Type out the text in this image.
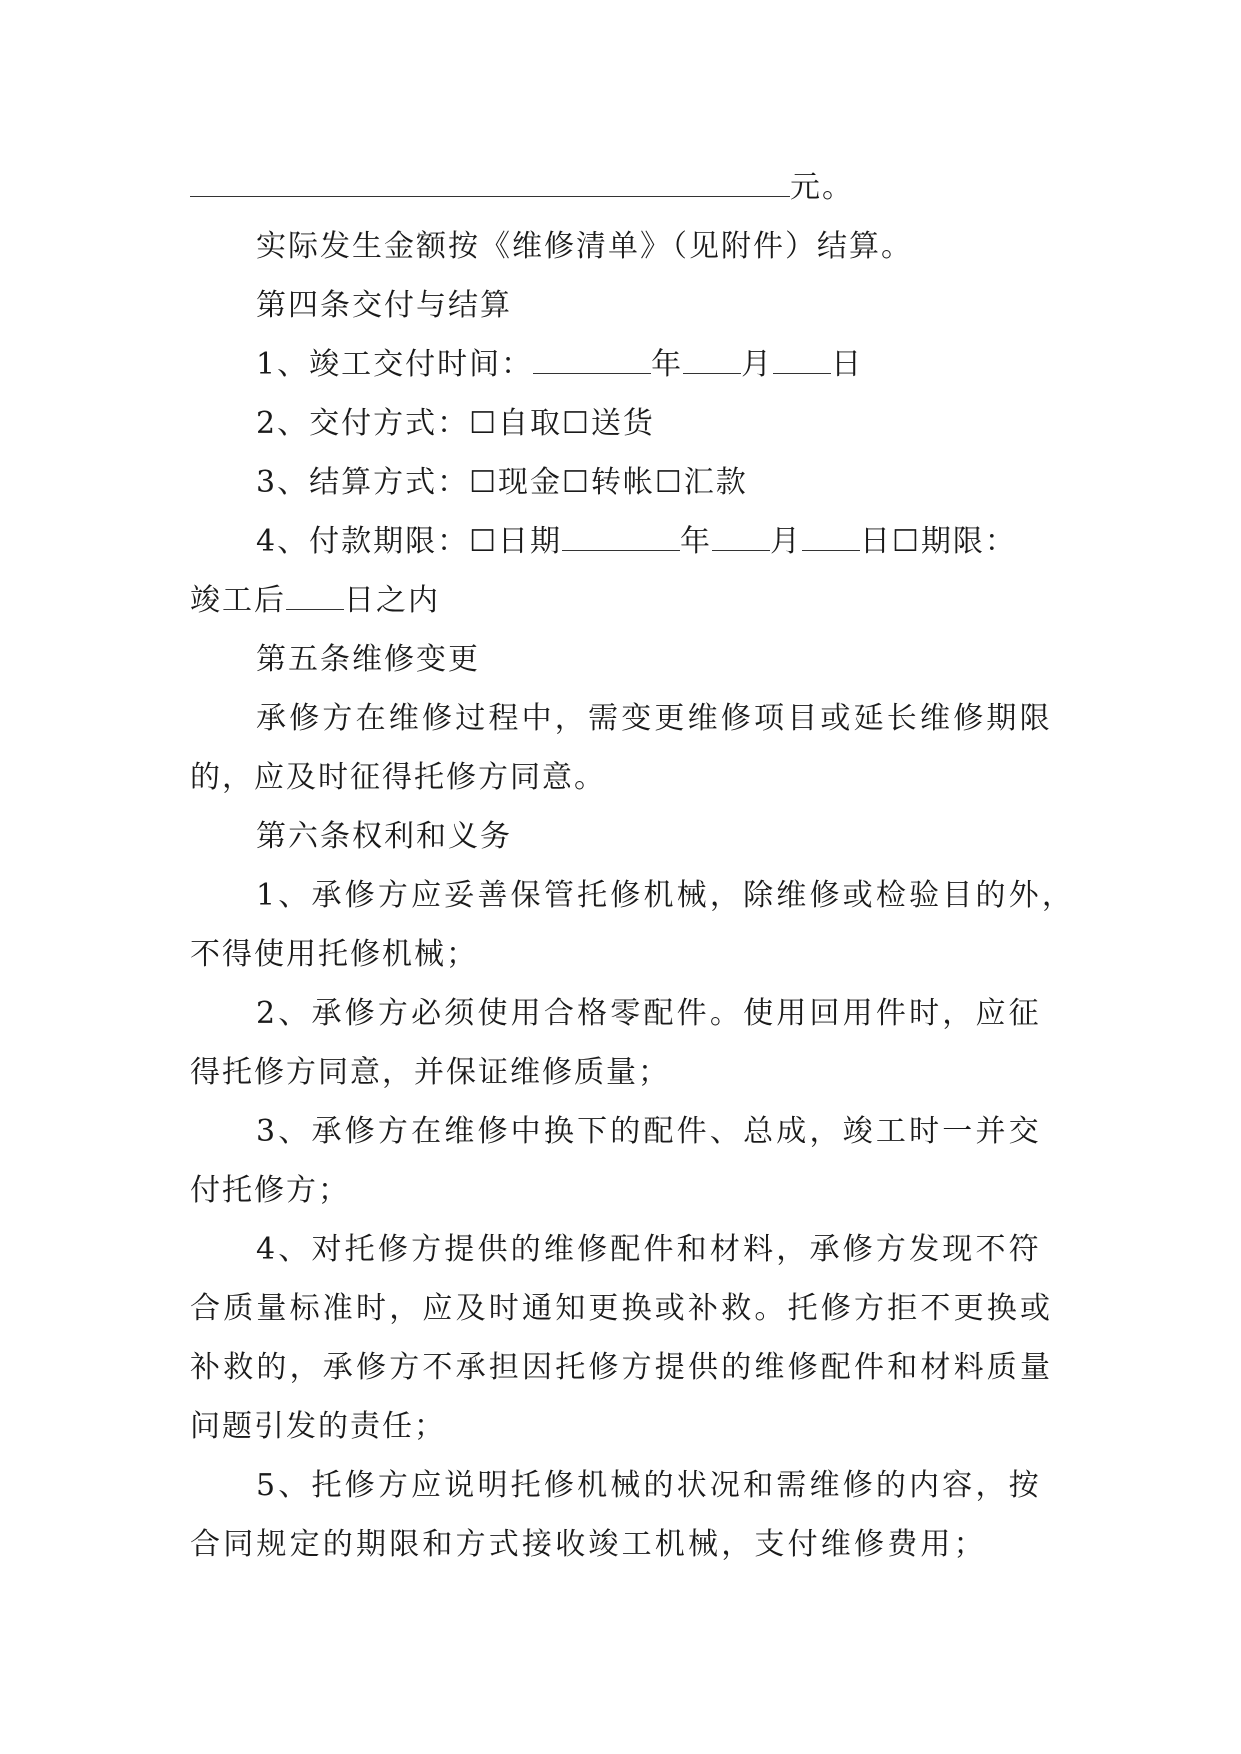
元。
实际发生金额按《维修清单》（见附件）结算。
第四条交付与结算
1、竣工交付时间：	年 月 日
2、交付方式：☐自取☐送货
3、结算方式：☐现金☐转帐☐汇款
4、付款期限：☐日期	年 月 日☐期限：
竣工后 日之内
第五条维修变更
承修方在维修过程中，需变更维修项目或延长维修期限
的，应及时征得托修方同意。
第六条权利和义务
1、承修方应妥善保管托修机械，除维修或检验目的外，
不得使用托修机械；
2、承修方必须使用合格零配件。使用回用件时，应征
得托修方同意，并保证维修质量；
3、承修方在维修中换下的配件、总成，竣工时一并交
付托修方；
4、对托修方提供的维修配件和材料，承修方发现不符
合质量标准时，应及时通知更换或补救。托修方拒不更换或
补救的，承修方不承担因托修方提供的维修配件和材料质量
问题引发的责任；
5、托修方应说明托修机械的状况和需维修的内容，按
合同规定的期限和方式接收竣工机械，支付维修费用；
